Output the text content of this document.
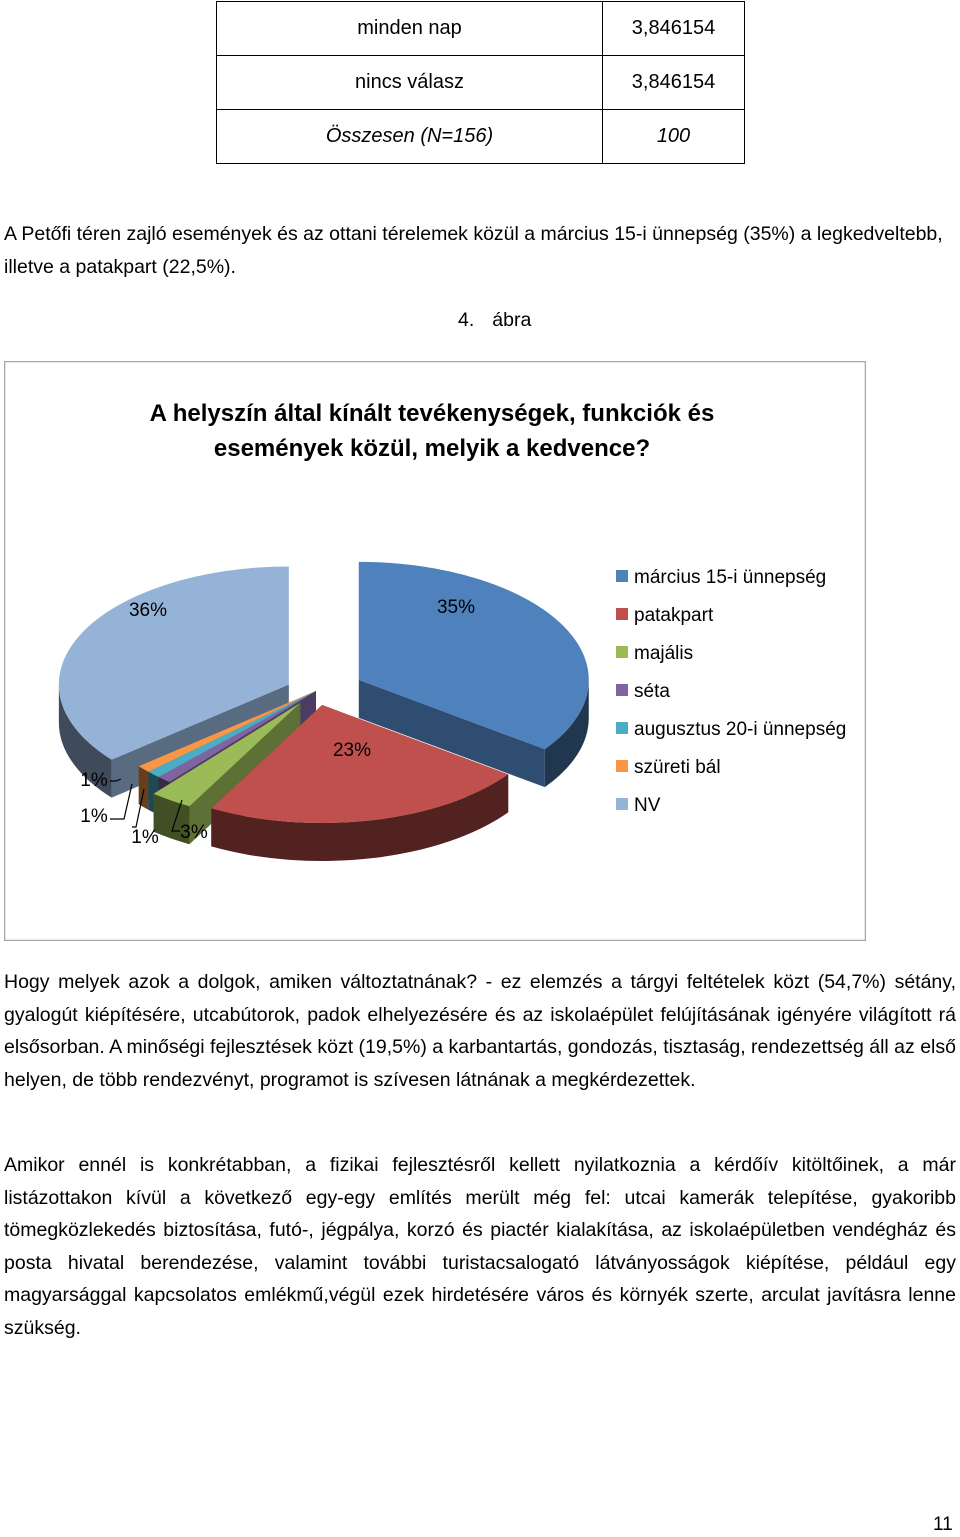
minden nap	3,846154
nincs válasz	3,846154
Összesen (N=156)	100

A Petőfi téren zajló események és az ottani térelemek közül a március 15-i ünnepség (35%) a legkedveltebb, illetve a patakpart (22,5%).

4. ábra
A helyszín által kínált tevékenységek, funkciók és
események közül, melyik a kedvence?
35%
23%
3%
1%
1%
1%
36%
március 15-i ünnepség
patakpart
majális
séta
augusztus 20-i ünnepség
szüreti bál
NV

Hogy melyek azok a dolgok, amiken változtatnának? - ez elemzés a tárgyi feltételek közt (54,7%) sétány, gyalogút kiépítésére, utcabútorok, padok elhelyezésére és az iskolaépület felújításának igényére világított rá elsősorban. A minőségi fejlesztések közt (19,5%) a karbantartás, gondozás, tisztaság, rendezettség áll az első helyen, de több rendezvényt, programot is szívesen látnának a megkérdezettek.

Amikor ennél is konkrétabban, a fizikai fejlesztésről kellett nyilatkoznia a kérdőív kitöltőinek, a már listázottakon kívül a következő egy-egy említés merült még fel: utcai kamerák telepítése, gyakoribb tömegközlekedés biztosítása, futó-, jégpálya, korzó és piactér kialakítása, az iskolaépületben vendégház és posta hivatal berendezése, valamint további turistacsalogató látványosságok kiépítése, például egy magyarsággal kapcsolatos emlékmű,végül ezek hirdetésére város és környék szerte, arculat javításra lenne szükség.

11
